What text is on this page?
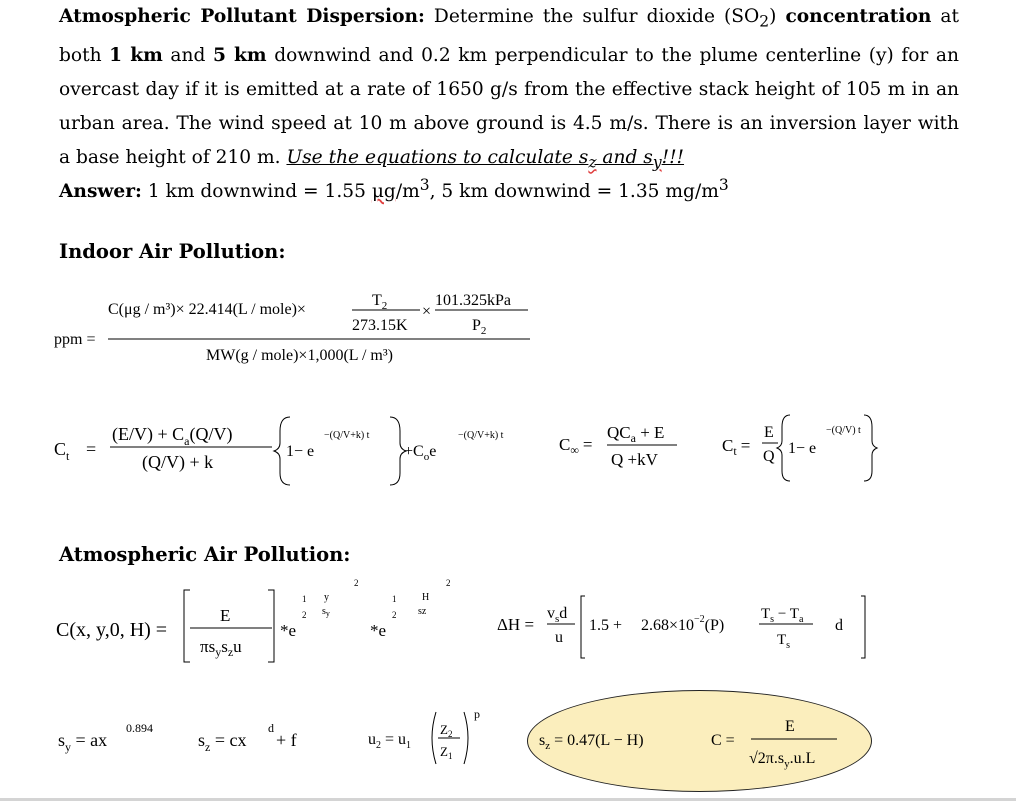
Atmospheric Pollutant Dispersion: Determine the sulfur dioxide $(SO_2)$ concentration at both 1 km and 5 km downwind and 0.2 km perpendicular to the plume centerline (y) for an overcast day if it is emitted at a rate of 1650 g/s from the effective stack height of 105 m in an urban area. The wind speed at 10 m above ground is 4.5 m/s. There is an inversion layer with a base height of 210 m. Use the equations to calculate $s_z$ and $s_y$!!!
Answer: 1 km downwind = 1.55 $\mu g/m^3$, 5 km downwind = 1.35 $mg/m^3$
Indoor Air Pollution:
ppm =
C(μg / m³)× 22.414(L / mole)×
$T_2$
273.15K
×
101.325kPa
$P_2$
MW(g / mole)×1,000(L / m³)
$C_t$ =
$(E/V) + C_a(Q/V)$
(Q/V) + k
1− e
−(Q/V+k) t
$+C_oe$
−(Q/V+k) t	$C_\infty$ =
$QC_a + E$
Q +kV
$C_t$ =
E
Q 1− e
−(Q/V) t
Atmospheric Air Pollution:
C(x, y,0, H) =
E
$\pi s_ys_zu$
*e
1
2
y
$s_y$
2
*e
1
2
H
sz
2
ΔH =
$v_sd$
u
$1.5 + 2.68\times 10^{-2}(P)$
$T_s - T_a$
$T_s$
d
$s_y$ = ax
0.894
$s_z$ = cx
d
+ f	$u_2 = u_1$
$Z_2$
$Z_1$
p
$s_z = 0.47(L - H)$	C =
E
$√2\pi.s_y.u.L$
